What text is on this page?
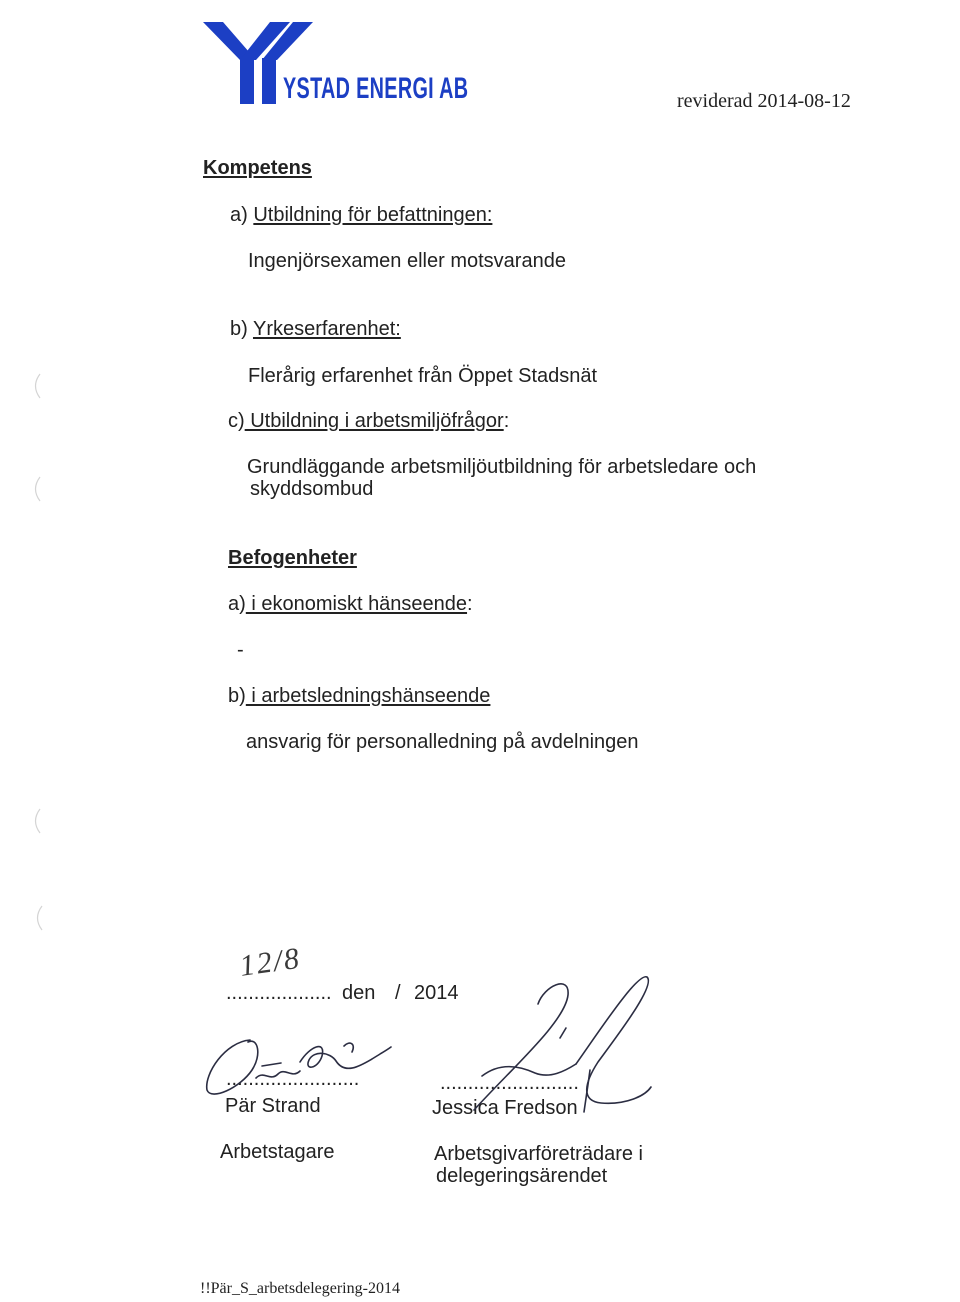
YSTAD ENERGI AB	reviderad 2014-08-12
Kompetens
a) Utbildning för befattningen:
Ingenjörsexamen eller motsvarande
b) Yrkeserfarenhet:
Flerårig erfarenhet från Öppet Stadsnät
c) Utbildning i arbetsmiljöfrågor:
Grundläggande arbetsmiljöutbildning för arbetsledare och
skyddsombud
Befogenheter
a) i ekonomiskt hänseende:
-
b) i arbetsledningshänseende
ansvarig för personalledning på avdelningen
12/8
................... den / 2014
........................	.........................
Pär Strand	Jessica Fredson
Arbetstagare	Arbetsgivarföreträdare i
delegeringsärendet
!!Pär_S_arbetsdelegering-2014
